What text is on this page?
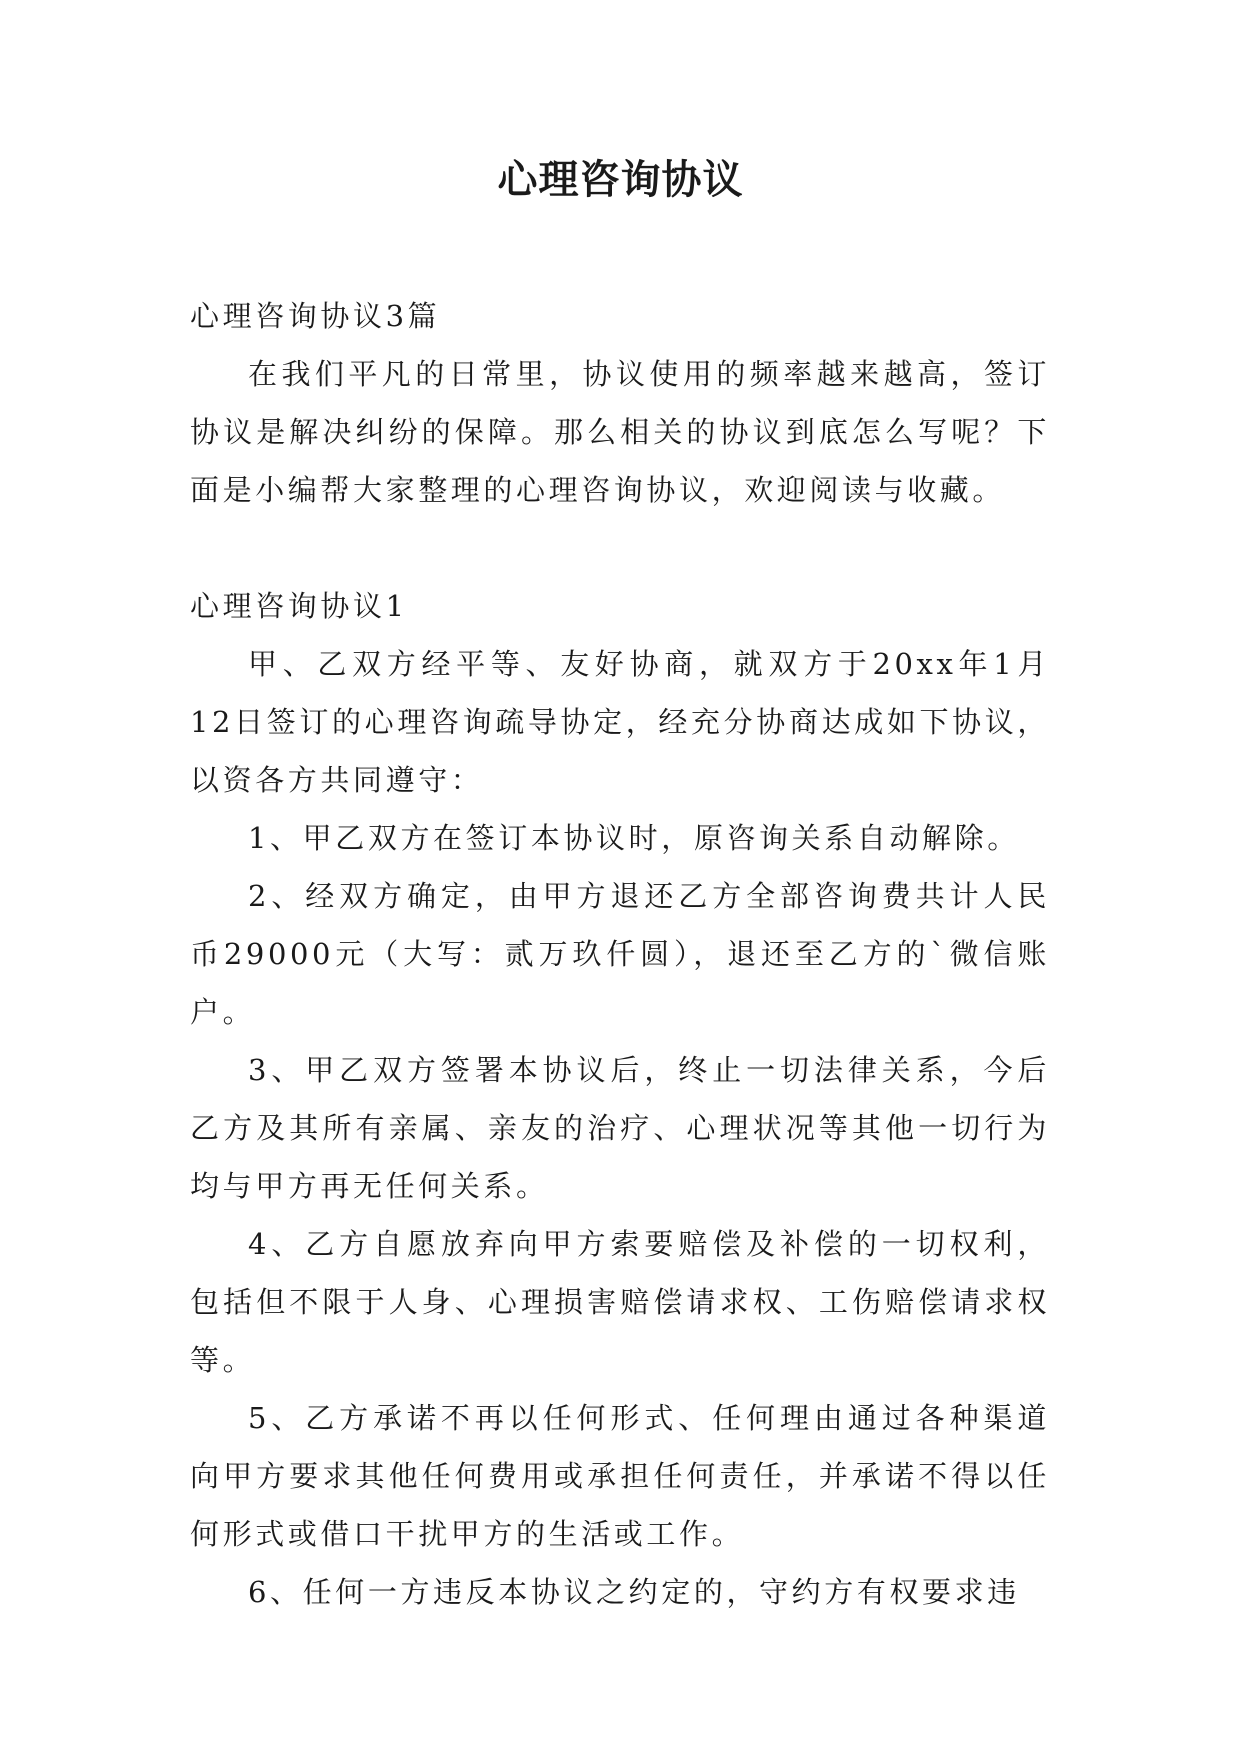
心理咨询协议

心理咨询协议3篇

在我们平凡的日常里，协议使用的频率越来越高，签订协议是解决纠纷的保障。那么相关的协议到底怎么写呢？下面是小编帮大家整理的心理咨询协议，欢迎阅读与收藏。

心理咨询协议1

甲、乙双方经平等、友好协商，就双方于20xx年1月12日签订的心理咨询疏导协定，经充分协商达成如下协议，以资各方共同遵守：

1、甲乙双方在签订本协议时，原咨询关系自动解除。

2、经双方确定，由甲方退还乙方全部咨询费共计人民币29000元（大写：贰万玖仟圆），退还至乙方的`微信账户。

3、甲乙双方签署本协议后，终止一切法律关系，今后乙方及其所有亲属、亲友的治疗、心理状况等其他一切行为均与甲方再无任何关系。

4、乙方自愿放弃向甲方索要赔偿及补偿的一切权利，包括但不限于人身、心理损害赔偿请求权、工伤赔偿请求权等。

5、乙方承诺不再以任何形式、任何理由通过各种渠道向甲方要求其他任何费用或承担任何责任，并承诺不得以任何形式或借口干扰甲方的生活或工作。

6、任何一方违反本协议之约定的，守约方有权要求违
